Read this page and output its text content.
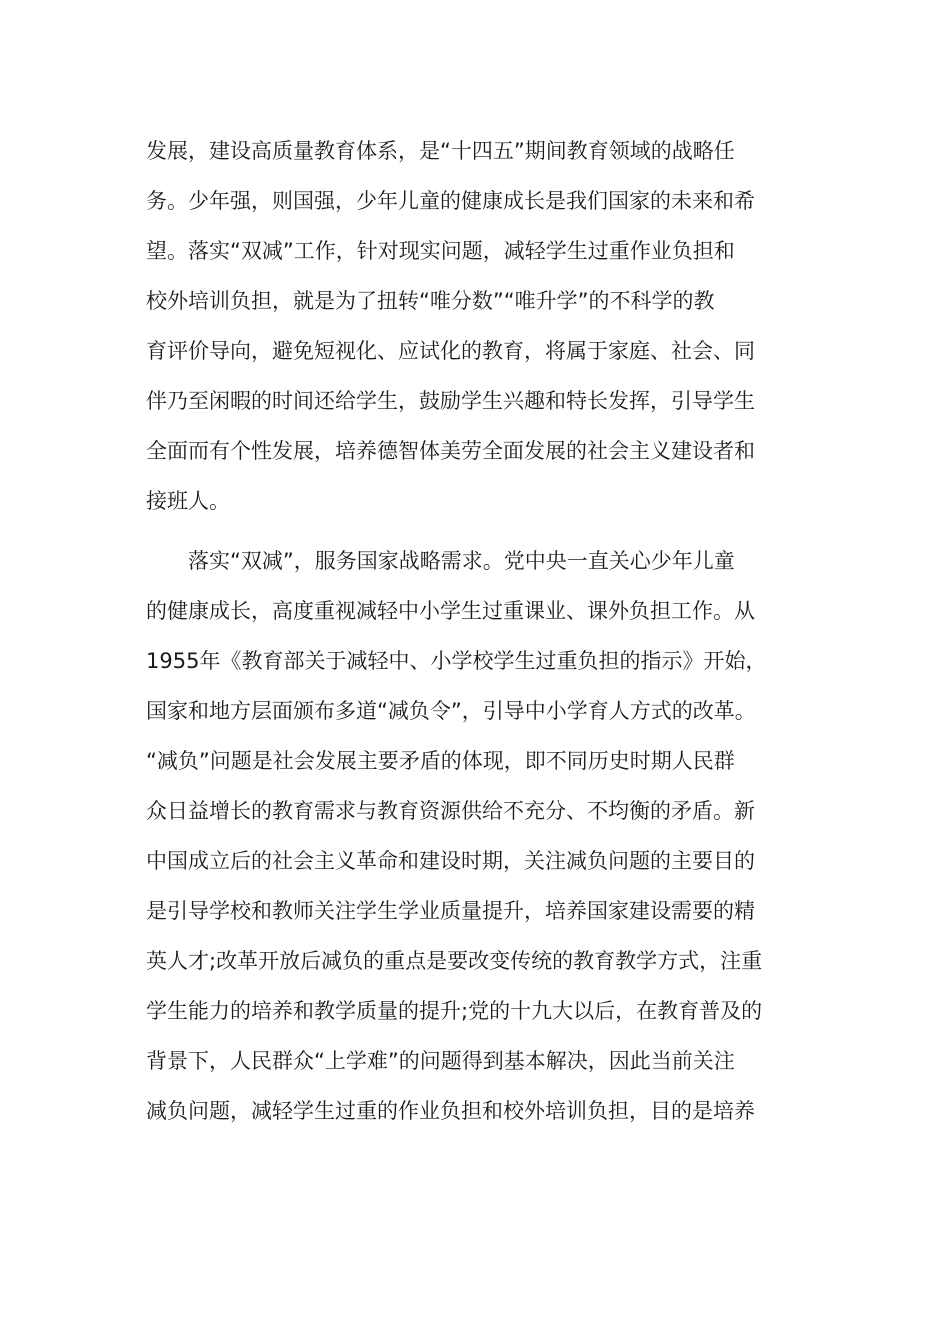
发展，建设高质量教育体系，是“十四五”期间教育领域的战略任
务。少年强，则国强，少年儿童的健康成长是我们国家的未来和希
望。落实“双减”工作，针对现实问题，减轻学生过重作业负担和
校外培训负担，就是为了扭转“唯分数”“唯升学”的不科学的教
育评价导向，避免短视化、应试化的教育，将属于家庭、社会、同
伴乃至闲暇的时间还给学生，鼓励学生兴趣和特长发挥，引导学生
全面而有个性发展，培养德智体美劳全面发展的社会主义建设者和
接班人。
落实“双减”，服务国家战略需求。党中央一直关心少年儿童
的健康成长，高度重视减轻中小学生过重课业、课外负担工作。从
1955年《教育部关于减轻中、小学校学生过重负担的指示》开始，
国家和地方层面颁布多道“减负令”，引导中小学育人方式的改革。
“减负”问题是社会发展主要矛盾的体现，即不同历史时期人民群
众日益增长的教育需求与教育资源供给不充分、不均衡的矛盾。新
中国成立后的社会主义革命和建设时期，关注减负问题的主要目的
是引导学校和教师关注学生学业质量提升，培养国家建设需要的精
英人才;改革开放后减负的重点是要改变传统的教育教学方式，注重
学生能力的培养和教学质量的提升;党的十九大以后，在教育普及的
背景下，人民群众“上学难”的问题得到基本解决，因此当前关注
减负问题，减轻学生过重的作业负担和校外培训负担，目的是培养
